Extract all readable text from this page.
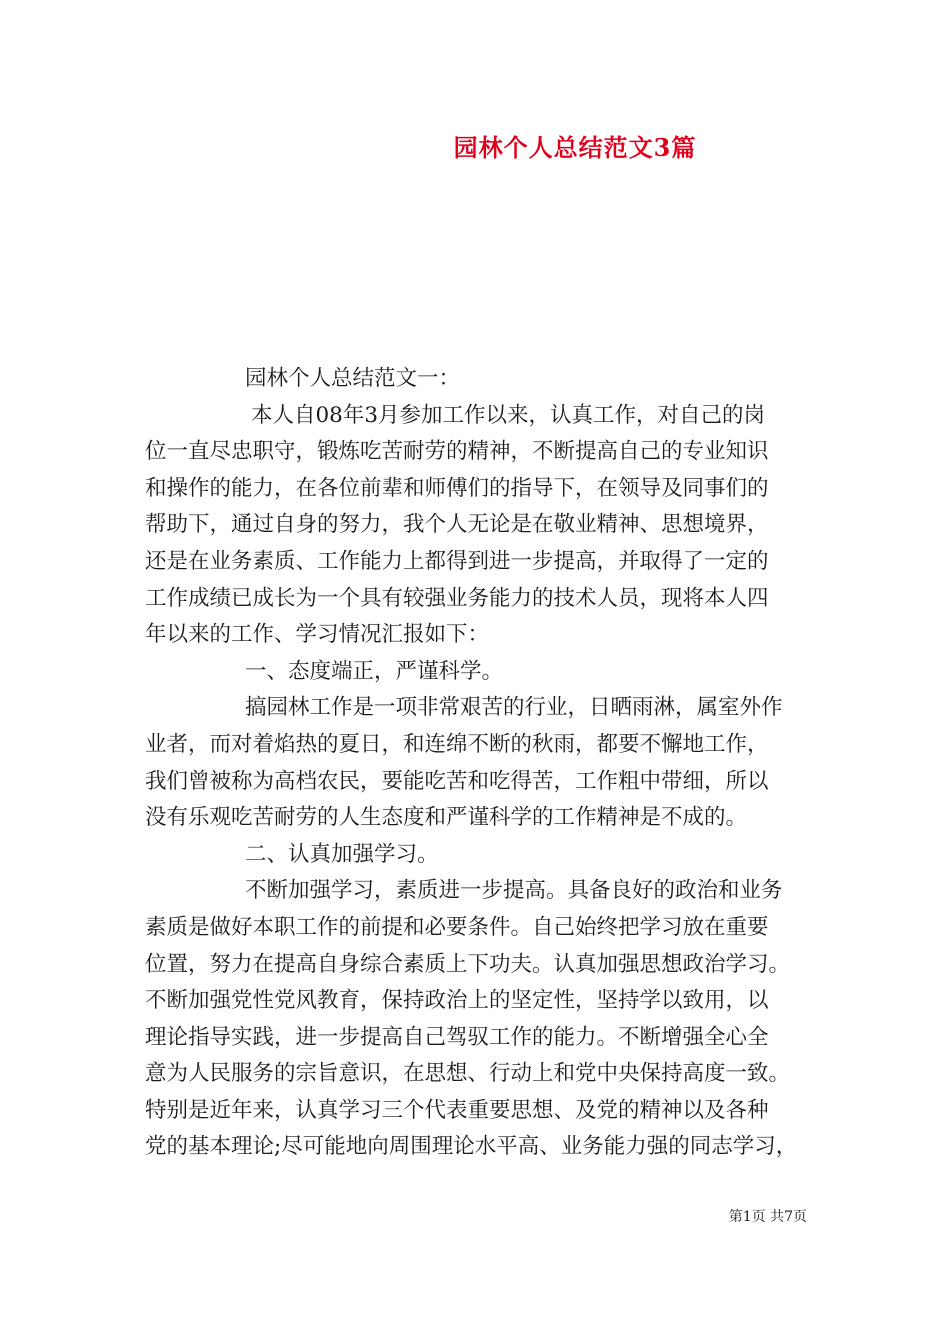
园林个人总结范文3篇
园林个人总结范文一：
本人自08年3月参加工作以来，认真工作，对自己的岗
位一直尽忠职守，锻炼吃苦耐劳的精神，不断提高自己的专业知识
和操作的能力，在各位前辈和师傅们的指导下，在领导及同事们的
帮助下，通过自身的努力，我个人无论是在敬业精神、思想境界，
还是在业务素质、工作能力上都得到进一步提高，并取得了一定的
工作成绩已成长为一个具有较强业务能力的技术人员，现将本人四
年以来的工作、学习情况汇报如下：
一、态度端正，严谨科学。
搞园林工作是一项非常艰苦的行业，日晒雨淋，属室外作
业者，而对着焰热的夏日，和连绵不断的秋雨，都要不懈地工作，
我们曾被称为高档农民，要能吃苦和吃得苦，工作粗中带细，所以
没有乐观吃苦耐劳的人生态度和严谨科学的工作精神是不成的。
二、认真加强学习。
不断加强学习，素质进一步提高。具备良好的政治和业务
素质是做好本职工作的前提和必要条件。自己始终把学习放在重要
位置，努力在提高自身综合素质上下功夫。认真加强思想政治学习。
不断加强党性党风教育，保持政治上的坚定性，坚持学以致用，以
理论指导实践，进一步提高自己驾驭工作的能力。不断增强全心全
意为人民服务的宗旨意识，在思想、行动上和党中央保持高度一致。
特别是近年来，认真学习三个代表重要思想、及党的精神以及各种
党的基本理论;尽可能地向周围理论水平高、业务能力强的同志学习，
第1页 共7页
